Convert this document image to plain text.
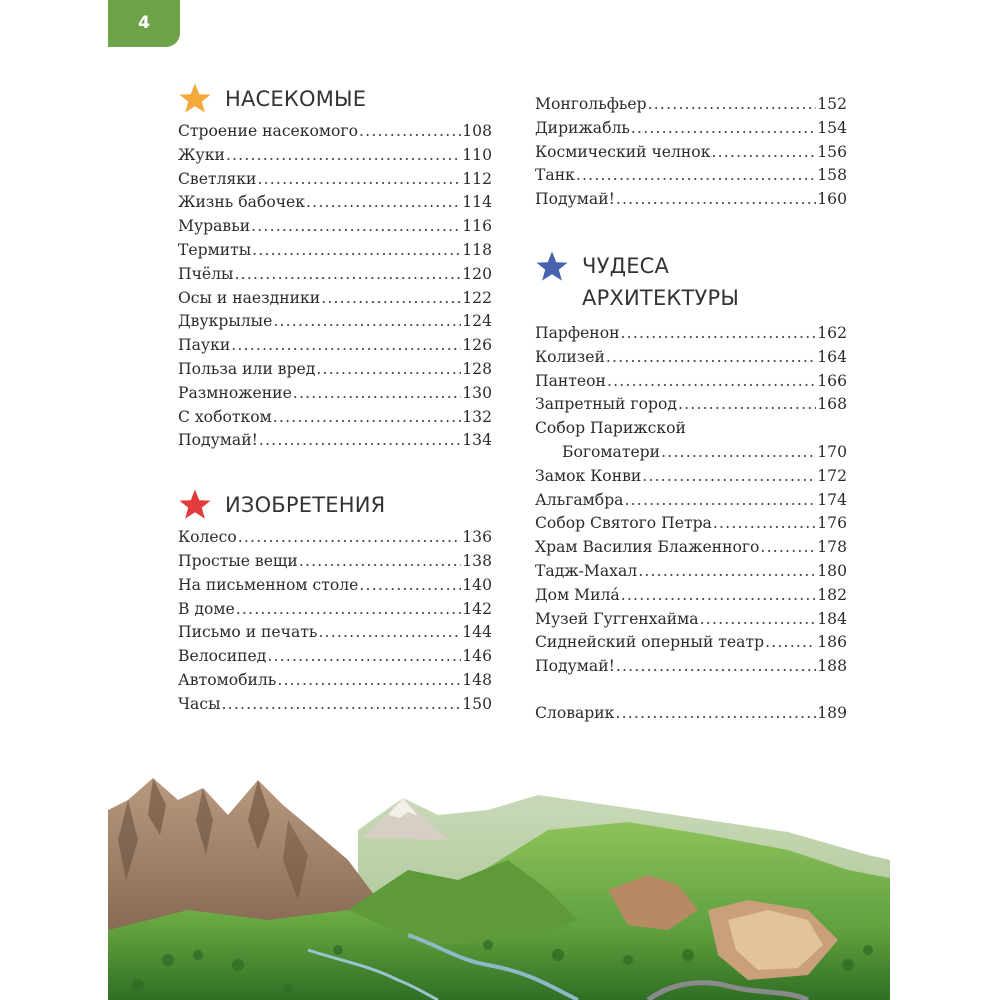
4
НАСЕКОМЫЕ
Строение насекомого .....	108
Жуки .....	110
Светляки .....	112
Жизнь бабочек .....	114
Муравьи .....	116
Термиты .....	118
Пчёлы .....	120
Осы и наездники .....	122
Двукрылые .....	124
Пауки .....	126
Польза или вред .....	128
Размножение .....	130
С хоботком .....	132
Подумай! .....	134
ИЗОБРЕТЕНИЯ
Колесо .....	136
Простые вещи .....	138
На письменном столе .....	140
В доме .....	142
Письмо и печать .....	144
Велосипед .....	146
Автомобиль .....	148
Часы .....	150
Монгольфьер .....	152
Дирижабль .....	154
Космический челнок .....	156
Танк .....	158
Подумай! .....	160
ЧУДЕСА
АРХИТЕКТУРЫ
Парфенон .....	162
Колизей .....	164
Пантеон .....	166
Запретный город .....	168
Собор Парижской
Богоматери .....	170
Замок Конви .....	172
Альгамбра .....	174
Собор Святого Петра .....	176
Храм Василия Блаженного .....	178
Тадж-Махал .....	180
Дом Милá .....	182
Музей Гуггенхайма .....	184
Сиднейский оперный театр .....	186
Подумай! .....	188
Словарик .....	189
